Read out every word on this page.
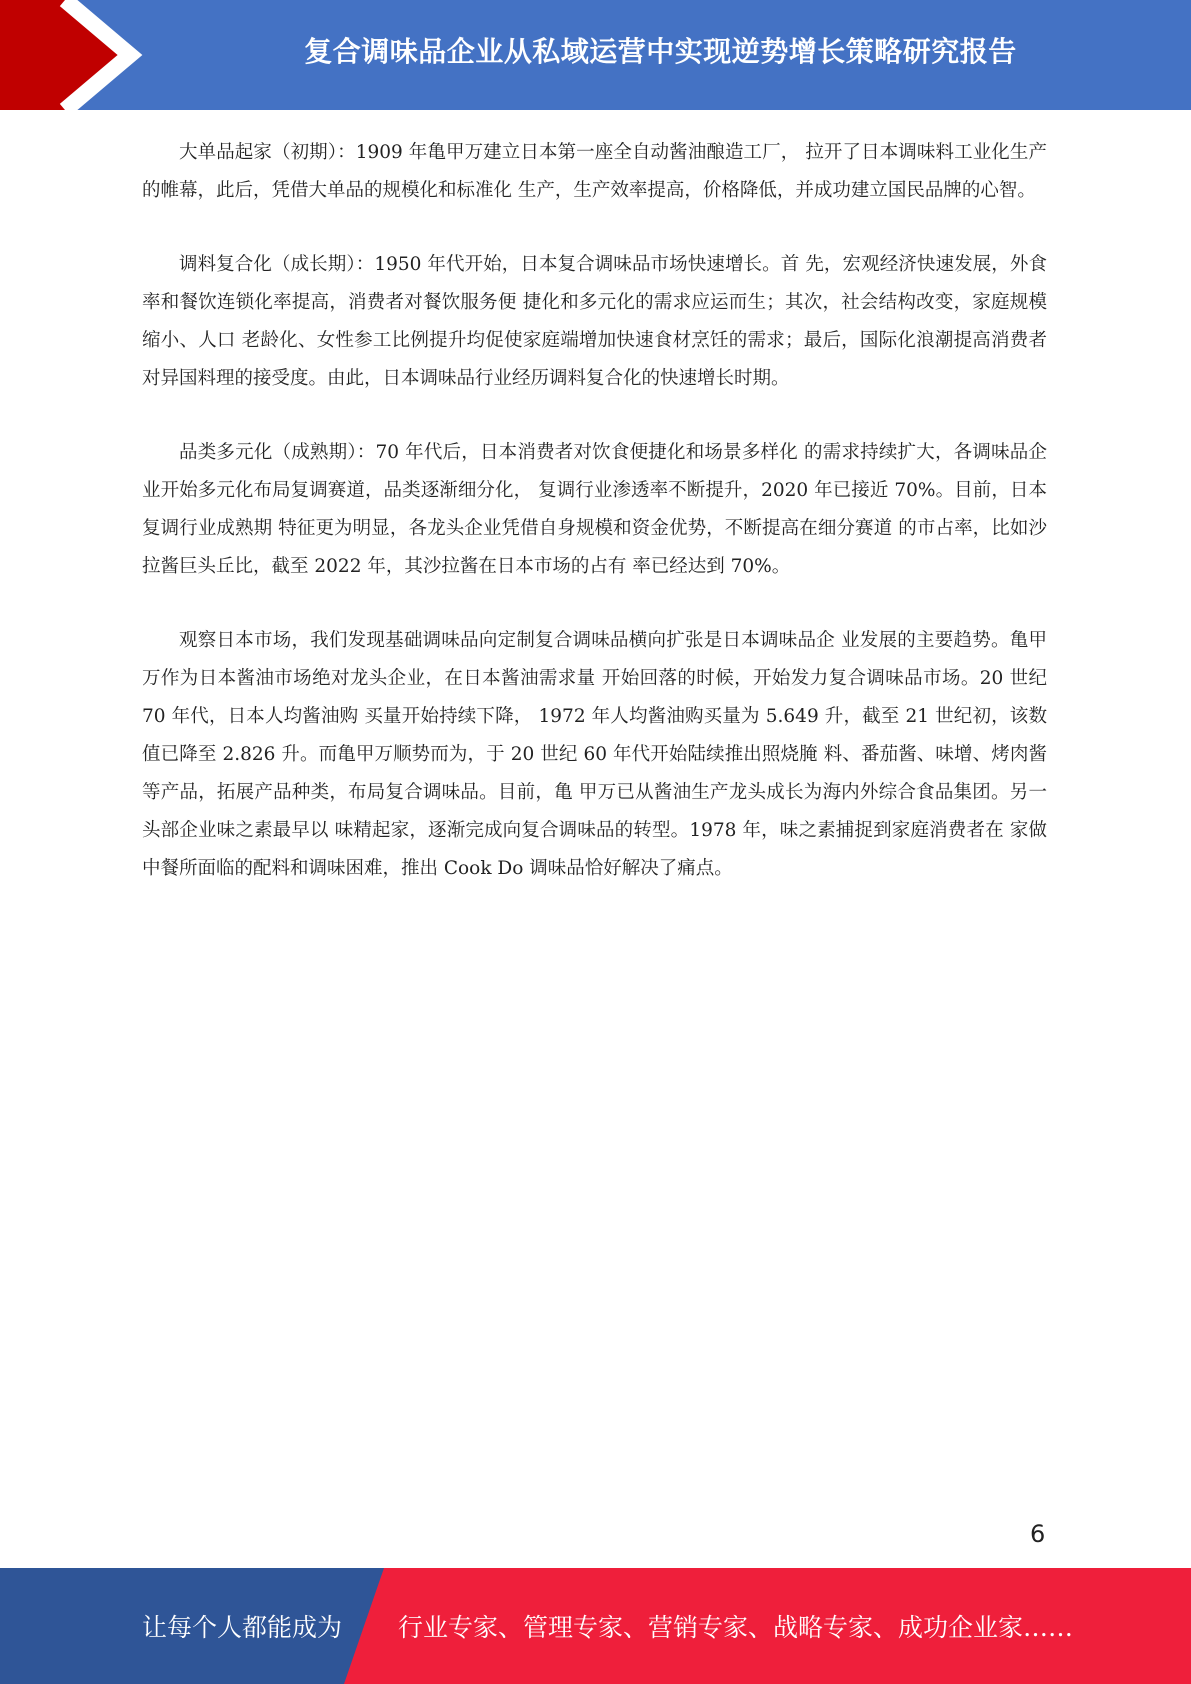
复合调味品企业从私域运营中实现逆势增长策略研究报告

大单品起家（初期）：1909 年亀甲万建立日本第一座全自动酱油酿造工厂， 拉开了日本调味料工业化生产的帷幕，此后，凭借大单品的规模化和标准化 生产，生产效率提高，价格降低，并成功建立国民品牌的心智。

调料复合化（成长期）：1950 年代开始，日本复合调味品市场快速增长。首 先，宏观经济快速发展，外食率和餐饮连锁化率提高，消费者对餐饮服务便 捷化和多元化的需求应运而生；其次，社会结构改变，家庭规模缩小、人口 老龄化、女性参工比例提升均促使家庭端增加快速食材烹饪的需求；最后，国际化浪潮提高消费者对异国料理的接受度。由此，日本调味品行业经历调料复合化的快速增长时期。

品类多元化（成熟期）：70 年代后，日本消费者对饮食便捷化和场景多样化 的需求持续扩大，各调味品企业开始多元化布局复调赛道，品类逐渐细分化， 复调行业渗透率不断提升，2020 年已接近 70%。目前，日本复调行业成熟期 特征更为明显，各龙头企业凭借自身规模和资金优势，不断提高在细分赛道 的市占率，比如沙拉酱巨头丘比，截至 2022 年，其沙拉酱在日本市场的占有 率已经达到 70%。

观察日本市场，我们发现基础调味品向定制复合调味品横向扩张是日本调味品企 业发展的主要趋势。亀甲万作为日本酱油市场绝对龙头企业，在日本酱油需求量 开始回落的时候，开始发力复合调味品市场。20 世纪 70 年代，日本人均酱油购 买量开始持续下降， 1972 年人均酱油购买量为 5.649 升，截至 21 世纪初，该数 值已降至 2.826 升。而亀甲万顺势而为，于 20 世纪 60 年代开始陆续推出照烧腌 料、番茄酱、味增、烤肉酱等产品，拓展产品种类，布局复合调味品。目前，亀 甲万已从酱油生产龙头成长为海内外综合食品集团。另一头部企业味之素最早以 味精起家，逐渐完成向复合调味品的转型。1978 年，味之素捕捉到家庭消费者在 家做中餐所面临的配料和调味困难，推出 Cook Do 调味品恰好解决了痛点。

6
让每个人都能成为 行业专家、管理专家、营销专家、战略专家、成功企业家……
